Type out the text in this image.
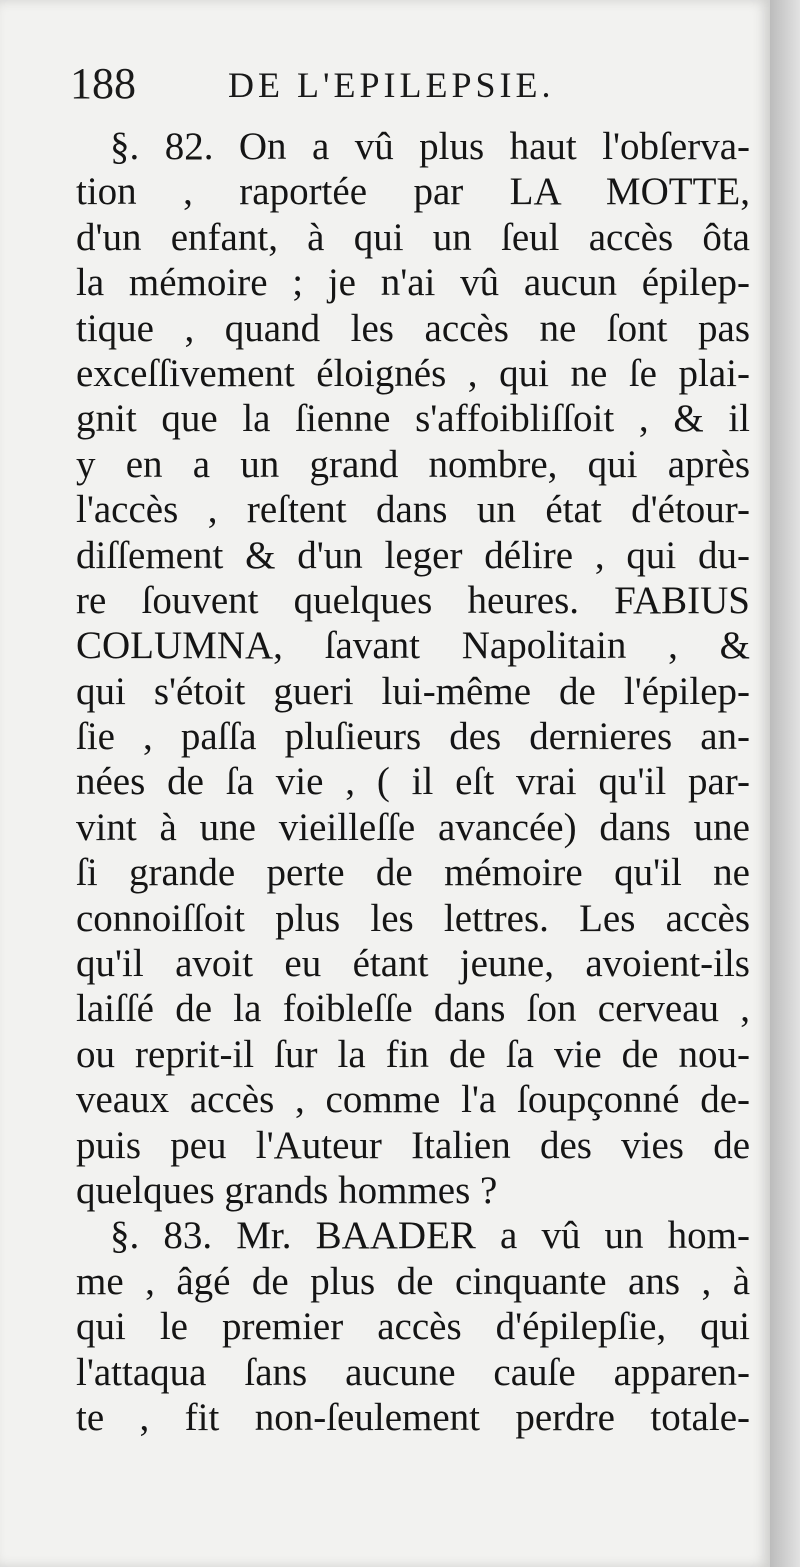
188	DE L'EPILEPSIE.
§. 82. On a vû plus haut l'obſerva-
tion , raportée par LA MOTTE,
d'un enfant, à qui un ſeul accès ôta
la mémoire ; je n'ai vû aucun épilep-
tique , quand les accès ne ſont pas
exceſſivement éloignés , qui ne ſe plai-
gnit que la ſienne s'affoibliſſoit , & il
y en a un grand nombre, qui après
l'accès , reſtent dans un état d'étour-
diſſement & d'un leger délire , qui du-
re ſouvent quelques heures. FABIUS
COLUMNA, ſavant Napolitain , &
qui s'étoit gueri lui-même de l'épilep-
ſie , paſſa pluſieurs des dernieres an-
nées de ſa vie , ( il eſt vrai qu'il par-
vint à une vieilleſſe avancée) dans une
ſi grande perte de mémoire qu'il ne
connoiſſoit plus les lettres. Les accès
qu'il avoit eu étant jeune, avoient-ils
laiſſé de la foibleſſe dans ſon cerveau ,
ou reprit-il ſur la fin de ſa vie de nou-
veaux accès , comme l'a ſoupçonné de-
puis peu l'Auteur Italien des vies de
quelques grands hommes ?
§. 83. Mr. BAADER a vû un hom-
me , âgé de plus de cinquante ans , à
qui le premier accès d'épilepſie, qui
l'attaqua ſans aucune cauſe apparen-
te , fit non-ſeulement perdre totale-
